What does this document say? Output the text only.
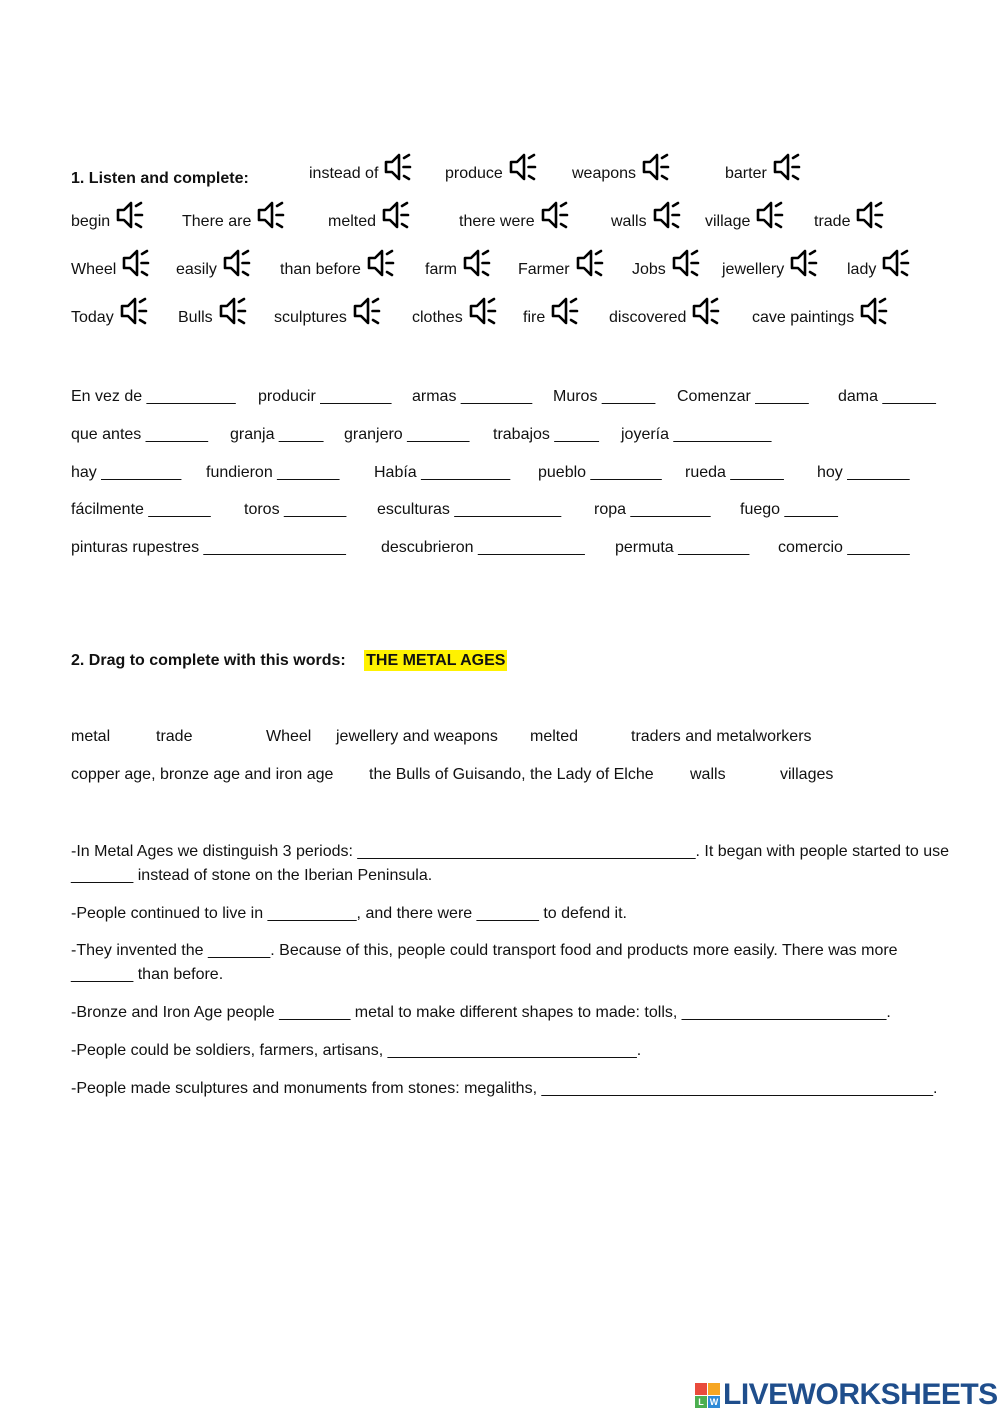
1. Listen and complete:	instead of	produce	weapons	barter
begin	There are	melted	there were	walls	village	trade
Wheel	easily	than before	farm	Farmer	Jobs	jewellery	lady
Today	Bulls	sculptures	clothes	fire	discovered	cave paintings
En vez de __________ producir ________ armas ________ Muros ______ Comenzar ______ dama ______
que antes _______ granja _____ granjero _______ trabajos _____ joyería ___________
hay _________ fundieron _______ Había __________ pueblo ________ rueda ______ hoy _______
fácilmente _______ toros _______ esculturas ____________ ropa _________ fuego ______
pinturas rupestres ________________ descubrieron ____________ permuta ________ comercio _______
2. Drag to complete with this words: THE METAL AGES
metal	trade	Wheel jewellery and weapons melted	traders and metalworkers
copper age, bronze age and iron age the Bulls of Guisando, the Lady of Elche walls	villages
-In Metal Ages we distinguish 3 periods: ______________________________________. It began with people started to use _______ instead of stone on the Iberian Peninsula.
-People continued to live in __________, and there were _______ to defend it.
-They invented the _______. Because of this, people could transport food and products more easily. There was more _______ than before.
-Bronze and Iron Age people ________ metal to make different shapes to made: tolls, _______________________.
-People could be soldiers, farmers, artisans, ____________________________.
-People made sculptures and monuments from stones: megaliths, ____________________________________________.
L W LIVEWORKSHEETS
